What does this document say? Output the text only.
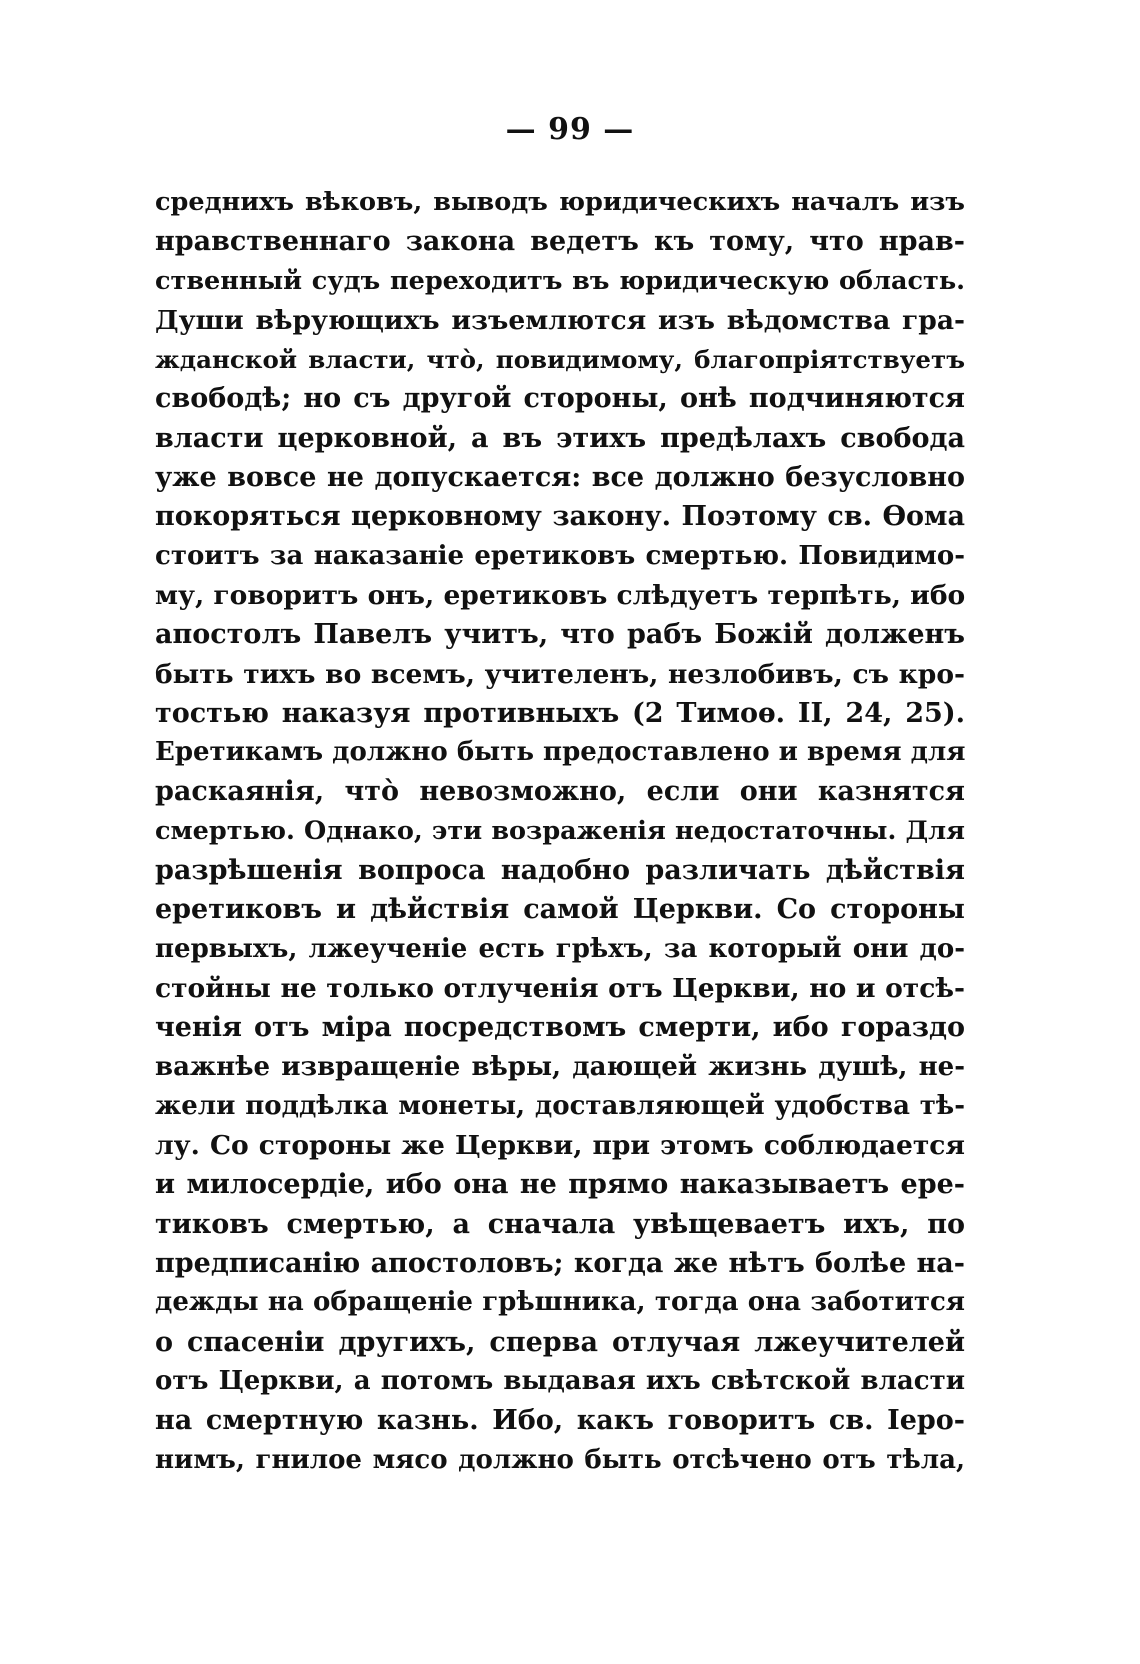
— 99 —
среднихъ вѣковъ, выводъ юридическихъ началъ изъ
нравственнаго закона ведетъ къ тому, что нрав-
ственный судъ переходитъ въ юридическую область.
Души вѣрующихъ изъемлются изъ вѣдомства гра-
жданской власти, чтò, повидимому, благопріятствуетъ
свободѣ; но съ другой стороны, онѣ подчиняются
власти церковной, а въ этихъ предѣлахъ свобода
уже вовсе не допускается: все должно безусловно
покоряться церковному закону. Поэтому св. Ѳома
стоитъ за наказаніе еретиковъ смертью. Повидимо-
му, говоритъ онъ, еретиковъ слѣдуетъ терпѣть, ибо
апостолъ Павелъ учитъ, что рабъ Божій долженъ
быть тихъ во всемъ, учителенъ, незлобивъ, съ кро-
тостью наказуя противныхъ (2 Тимоѳ. II, 24, 25).
Еретикамъ должно быть предоставлено и время для
раскаянія, чтò невозможно, если они казнятся
смертью. Однако, эти возраженія недостаточны. Для
разрѣшенія вопроса надобно различать дѣйствія
еретиковъ и дѣйствія самой Церкви. Со стороны
первыхъ, лжеученіе есть грѣхъ, за который они до-
стойны не только отлученія отъ Церкви, но и отсѣ-
ченія отъ міра посредствомъ смерти, ибо гораздо
важнѣе извращеніе вѣры, дающей жизнь душѣ, не-
жели поддѣлка монеты, доставляющей удобства тѣ-
лу. Со стороны же Церкви, при этомъ соблюдается
и милосердіе, ибо она не прямо наказываетъ ере-
тиковъ смертью, а сначала увѣщеваетъ ихъ, по
предписанію апостоловъ; когда же нѣтъ болѣе на-
дежды на обращеніе грѣшника, тогда она заботится
о спасеніи другихъ, сперва отлучая лжеучителей
отъ Церкви, а потомъ выдавая ихъ свѣтской власти
на смертную казнь. Ибо, какъ говоритъ св. Іеро-
нимъ, гнилое мясо должно быть отсѣчено отъ тѣла,
